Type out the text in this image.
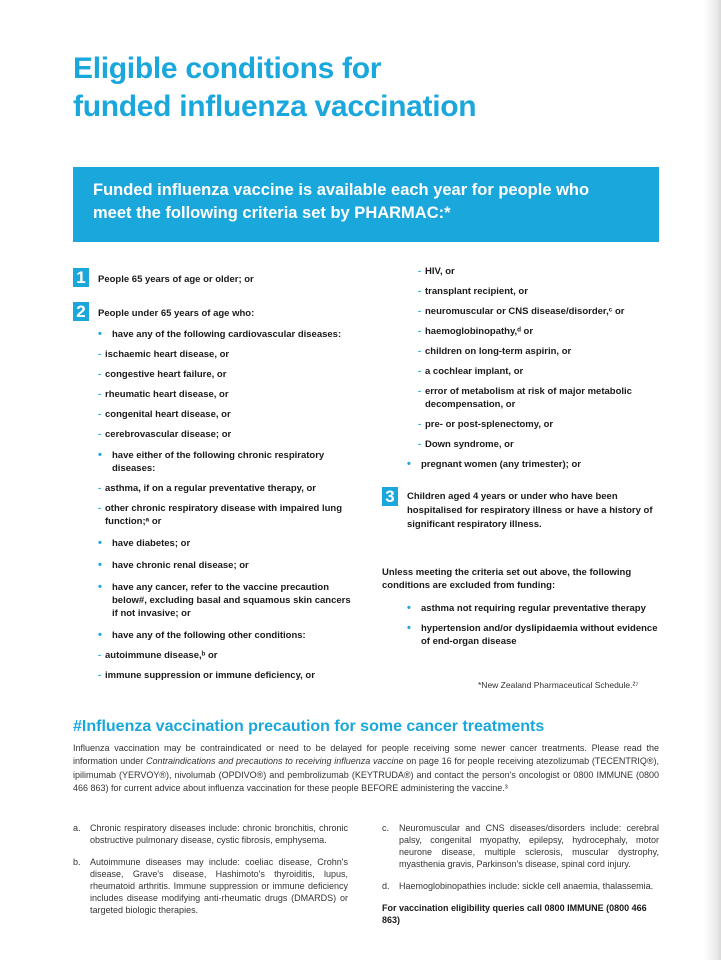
Eligible conditions for
funded influenza vaccination

Funded influenza vaccine is available each year for people who

meet the following criteria set by PHARMAC:*

1	People 65 years of age or older; or
2	People under 65 years of age who:
• have any of the following cardiovascular diseases:
- ischaemic heart disease, or
- congestive heart failure, or
- rheumatic heart disease, or
- congenital heart disease, or
- cerebrovascular disease; or
• have either of the following chronic respiratory diseases:
- asthma, if on a regular preventative therapy, or
- other chronic respiratory disease with impaired lung function;ᵃ or
• have diabetes; or
• have chronic renal disease; or
• have any cancer, refer to the vaccine precaution below#, excluding basal and squamous skin cancers if not invasive; or
• have any of the following other conditions:
- autoimmune disease,ᵇ or
- immune suppression or immune deficiency, or
- HIV, or
- transplant recipient, or
- neuromuscular or CNS disease/disorder,ᶜ or
- haemoglobinopathy,ᵈ or
- children on long-term aspirin, or
- a cochlear implant, or
- error of metabolism at risk of major metabolic decompensation, or
- pre- or post-splenectomy, or
- Down syndrome, or
• pregnant women (any trimester); or
3	Children aged 4 years or under who have been hospitalised for respiratory illness or have a history of significant respiratory illness.

Unless meeting the criteria set out above, the following conditions are excluded from funding:

• asthma not requiring regular preventative therapy
• hypertension and/or dyslipidaemia without evidence of end-organ disease
*New Zealand Pharmaceutical Schedule.²⁷
#Influenza vaccination precaution for some cancer treatments

Influenza vaccination may be contraindicated or need to be delayed for people receiving some newer cancer treatments. Please read the information under Contraindications and precautions to receiving influenza vaccine on page 16 for people receiving atezolizumab (TECENTRIQ®), ipilimumab (YERVOY®), nivolumab (OPDIVO®) and pembrolizumab (KEYTRUDA®) and contact the person's oncologist or 0800 IMMUNE (0800 466 863) for current advice about influenza vaccination for these people BEFORE administering the vaccine.³

a. Chronic respiratory diseases include: chronic bronchitis, chronic obstructive pulmonary disease, cystic fibrosis, emphysema.
b. Autoimmune diseases may include: coeliac disease, Crohn's disease, Grave's disease, Hashimoto's thyroiditis, lupus, rheumatoid arthritis. Immune suppression or immune deficiency includes disease modifying anti-rheumatic drugs (DMARDS) or targeted biologic therapies.
c. Neuromuscular and CNS diseases/disorders include: cerebral palsy, congenital myopathy, epilepsy, hydrocephaly, motor neurone disease, multiple sclerosis, muscular dystrophy, myasthenia gravis, Parkinson's disease, spinal cord injury.
d. Haemoglobinopathies include: sickle cell anaemia, thalassemia.
For vaccination eligibility queries call 0800 IMMUNE (0800 466 863)
